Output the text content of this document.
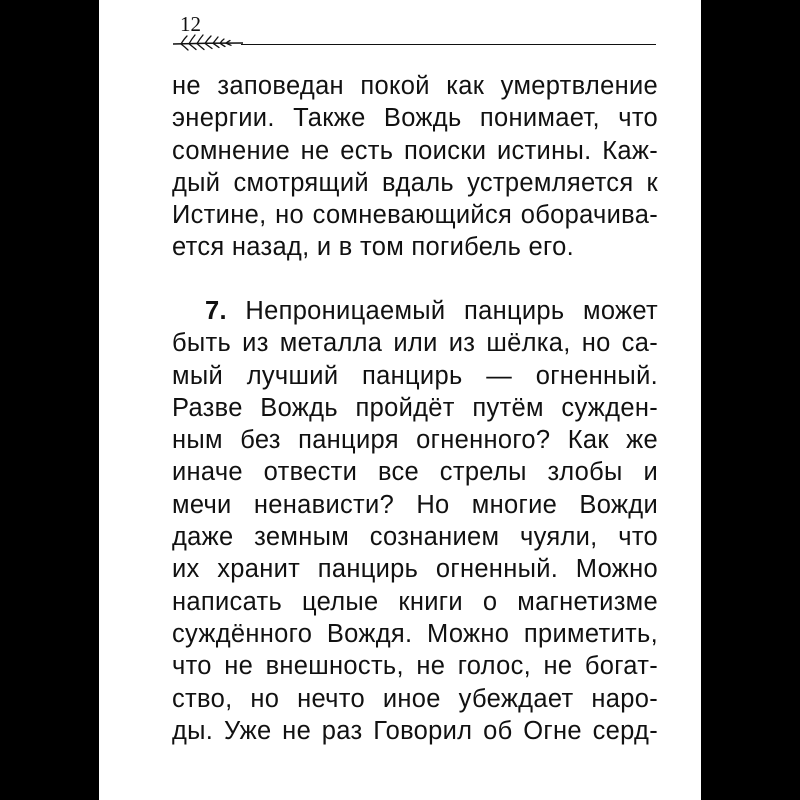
12
не заповедан покой как умертвление
энергии. Также Вождь понимает, что
сомнение не есть поиски истины. Каж-
дый смотрящий вдаль устремляется к
Истине, но сомневающийся оборачива-
ется назад, и в том погибель его.
7. Непроницаемый панцирь может
быть из металла или из шёлка, но са-
мый лучший панцирь — огненный.
Разве Вождь пройдёт путём сужден-
ным без панциря огненного? Как же
иначе отвести все стрелы злобы и
мечи ненависти? Но многие Вожди
даже земным сознанием чуяли, что
их хранит панцирь огненный. Можно
написать целые книги о магнетизме
суждённого Вождя. Можно приметить,
что не внешность, не голос, не богат-
ство, но нечто иное убеждает наро-
ды. Уже не раз Говорил об Огне серд-
